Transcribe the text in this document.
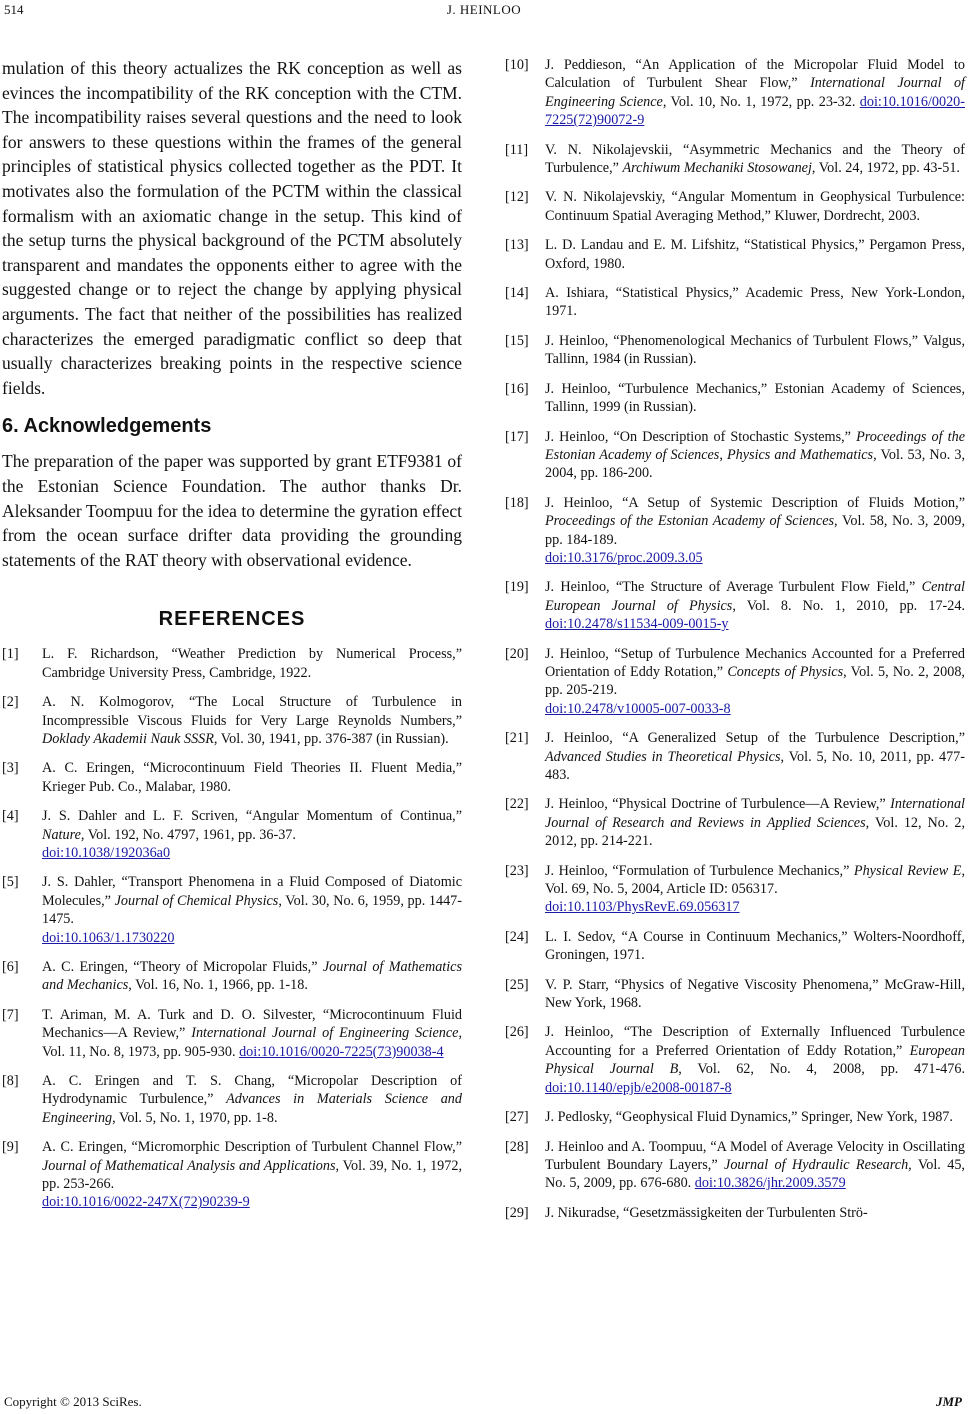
514	J. HEINLOO

mulation of this theory actualizes the RK conception as well as evinces the incompatibility of the RK conception with the CTM. The incompatibility raises several questions and the need to look for answers to these questions within the frames of the general principles of statistical physics collected together as the PDT. It motivates also the formulation of the PCTM within the classical formalism with an axiomatic change in the setup. This kind of the setup turns the physical background of the PCTM absolutely transparent and mandates the opponents either to agree with the suggested change or to reject the change by applying physical arguments. The fact that neither of the possibilities has realized characterizes the emerged paradigmatic conflict so deep that usually characterizes breaking points in the respective science fields.

6. Acknowledgements

The preparation of the paper was supported by grant ETF9381 of the Estonian Science Foundation. The author thanks Dr. Aleksander Toompuu for the idea to determine the gyration effect from the ocean surface drifter data providing the grounding statements of the RAT theory with observational evidence.

REFERENCES
[1]	L. F. Richardson, “Weather Prediction by Numerical Process,” Cambridge University Press, Cambridge, 1922.
[2]	A. N. Kolmogorov, “The Local Structure of Turbulence in Incompressible Viscous Fluids for Very Large Reynolds Numbers,” Doklady Akademii Nauk SSSR, Vol. 30, 1941, pp. 376-387 (in Russian).
[3]	A. C. Eringen, “Microcontinuum Field Theories II. Fluent Media,” Krieger Pub. Co., Malabar, 1980.
[4]	J. S. Dahler and L. F. Scriven, “Angular Momentum of Continua,” Nature, Vol. 192, No. 4797, 1961, pp. 36-37.
doi:10.1038/192036a0
[5]	J. S. Dahler, “Transport Phenomena in a Fluid Composed of Diatomic Molecules,” Journal of Chemical Physics, Vol. 30, No. 6, 1959, pp. 1447-1475.
doi:10.1063/1.1730220
[6]	A. C. Eringen, “Theory of Micropolar Fluids,” Journal of Mathematics and Mechanics, Vol. 16, No. 1, 1966, pp. 1-18.
[7]	T. Ariman, M. A. Turk and D. O. Silvester, “Microcontinuum Fluid Mechanics—A Review,” International Journal of Engineering Science, Vol. 11, No. 8, 1973, pp. 905-930. doi:10.1016/0020-7225(73)90038-4
[8]	A. C. Eringen and T. S. Chang, “Micropolar Description of Hydrodynamic Turbulence,” Advances in Materials Science and Engineering, Vol. 5, No. 1, 1970, pp. 1-8.
[9]	A. C. Eringen, “Micromorphic Description of Turbulent Channel Flow,” Journal of Mathematical Analysis and Applications, Vol. 39, No. 1, 1972, pp. 253-266.
doi:10.1016/0022-247X(72)90239-9
[10]	J. Peddieson, “An Application of the Micropolar Fluid Model to Calculation of Turbulent Shear Flow,” International Journal of Engineering Science, Vol. 10, No. 1, 1972, pp. 23-32. doi:10.1016/0020-7225(72)90072-9
[11]	V. N. Nikolajevskii, “Asymmetric Mechanics and the Theory of Turbulence,” Archiwum Mechaniki Stosowanej, Vol. 24, 1972, pp. 43-51.
[12]	V. N. Nikolajevskiy, “Angular Momentum in Geophysical Turbulence: Continuum Spatial Averaging Method,” Kluwer, Dordrecht, 2003.
[13]	L. D. Landau and E. M. Lifshitz, “Statistical Physics,” Pergamon Press, Oxford, 1980.
[14]	A. Ishiara, “Statistical Physics,” Academic Press, New York-London, 1971.
[15]	J. Heinloo, “Phenomenological Mechanics of Turbulent Flows,” Valgus, Tallinn, 1984 (in Russian).
[16]	J. Heinloo, “Turbulence Mechanics,” Estonian Academy of Sciences, Tallinn, 1999 (in Russian).
[17]	J. Heinloo, “On Description of Stochastic Systems,” Proceedings of the Estonian Academy of Sciences, Physics and Mathematics, Vol. 53, No. 3, 2004, pp. 186-200.
[18]	J. Heinloo, “A Setup of Systemic Description of Fluids Motion,” Proceedings of the Estonian Academy of Sciences, Vol. 58, No. 3, 2009, pp. 184-189.
doi:10.3176/proc.2009.3.05
[19]	J. Heinloo, “The Structure of Average Turbulent Flow Field,” Central European Journal of Physics, Vol. 8. No. 1, 2010, pp. 17-24. doi:10.2478/s11534-009-0015-y
[20]	J. Heinloo, “Setup of Turbulence Mechanics Accounted for a Preferred Orientation of Eddy Rotation,” Concepts of Physics, Vol. 5, No. 2, 2008, pp. 205-219.
doi:10.2478/v10005-007-0033-8
[21]	J. Heinloo, “A Generalized Setup of the Turbulence Description,” Advanced Studies in Theoretical Physics, Vol. 5, No. 10, 2011, pp. 477-483.
[22]	J. Heinloo, “Physical Doctrine of Turbulence—A Review,” International Journal of Research and Reviews in Applied Sciences, Vol. 12, No. 2, 2012, pp. 214-221.
[23]	J. Heinloo, “Formulation of Turbulence Mechanics,” Physical Review E, Vol. 69, No. 5, 2004, Article ID: 056317.
doi:10.1103/PhysRevE.69.056317
[24]	L. I. Sedov, “A Course in Continuum Mechanics,” Wolters-Noordhoff, Groningen, 1971.
[25]	V. P. Starr, “Physics of Negative Viscosity Phenomena,” McGraw-Hill, New York, 1968.
[26]	J. Heinloo, “The Description of Externally Influenced Turbulence Accounting for a Preferred Orientation of Eddy Rotation,” European Physical Journal B, Vol. 62, No. 4, 2008, pp. 471-476. doi:10.1140/epjb/e2008-00187-8
[27]	J. Pedlosky, “Geophysical Fluid Dynamics,” Springer, New York, 1987.
[28]	J. Heinloo and A. Toompuu, “A Model of Average Velocity in Oscillating Turbulent Boundary Layers,” Journal of Hydraulic Research, Vol. 45, No. 5, 2009, pp. 676-680. doi:10.3826/jhr.2009.3579
[29]	J. Nikuradse, “Gesetzmässigkeiten der Turbulenten Strö-
Copyright © 2013 SciRes.	JMP
